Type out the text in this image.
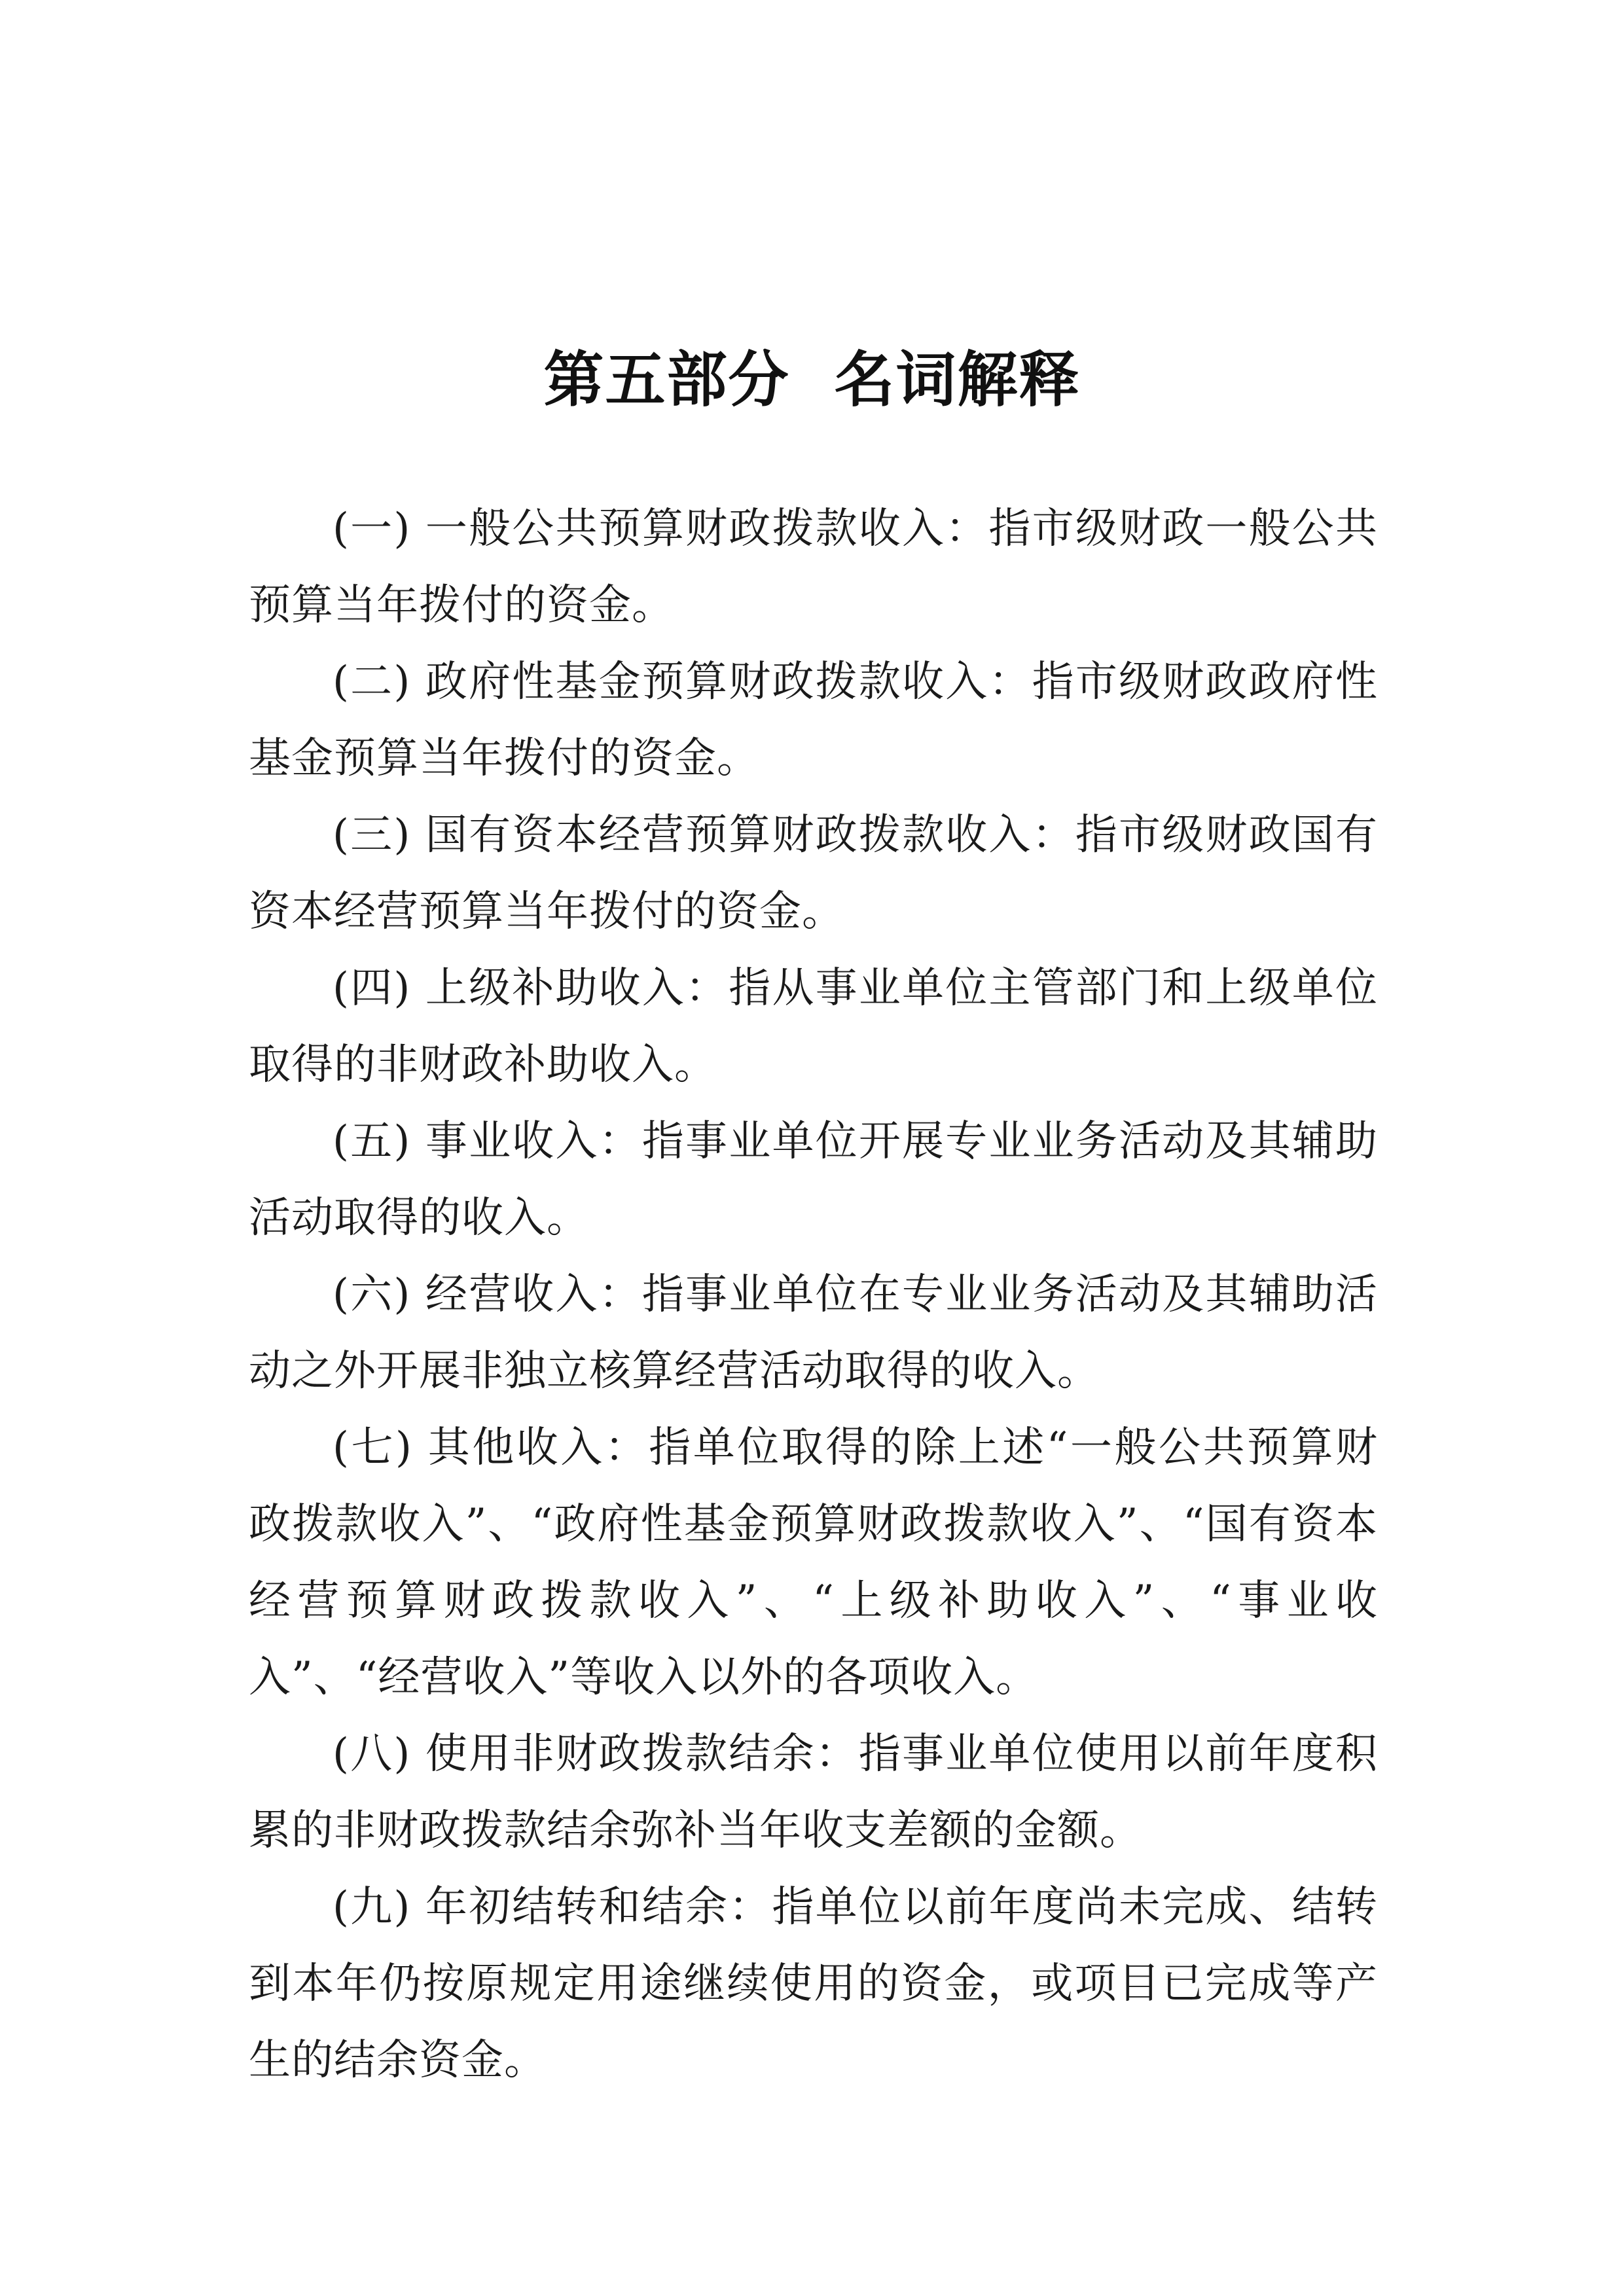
第五部分  名词解释

(一) 一般公共预算财政拨款收入：指市级财政一般公共预算当年拨付的资金。

(二) 政府性基金预算财政拨款收入：指市级财政政府性基金预算当年拨付的资金。

(三) 国有资本经营预算财政拨款收入：指市级财政国有资本经营预算当年拨付的资金。

(四) 上级补助收入：指从事业单位主管部门和上级单位取得的非财政补助收入。

(五) 事业收入：指事业单位开展专业业务活动及其辅助活动取得的收入。

(六) 经营收入：指事业单位在专业业务活动及其辅助活动之外开展非独立核算经营活动取得的收入。

(七) 其他收入：指单位取得的除上述“一般公共预算财政拨款收入”、“政府性基金预算财政拨款收入”、“国有资本经营预算财政拨款收入”、“上级补助收入”、“事业收入”、“经营收入”等收入以外的各项收入。

(八) 使用非财政拨款结余：指事业单位使用以前年度积累的非财政拨款结余弥补当年收支差额的金额。

(九) 年初结转和结余：指单位以前年度尚未完成、结转到本年仍按原规定用途继续使用的资金，或项目已完成等产生的结余资金。
